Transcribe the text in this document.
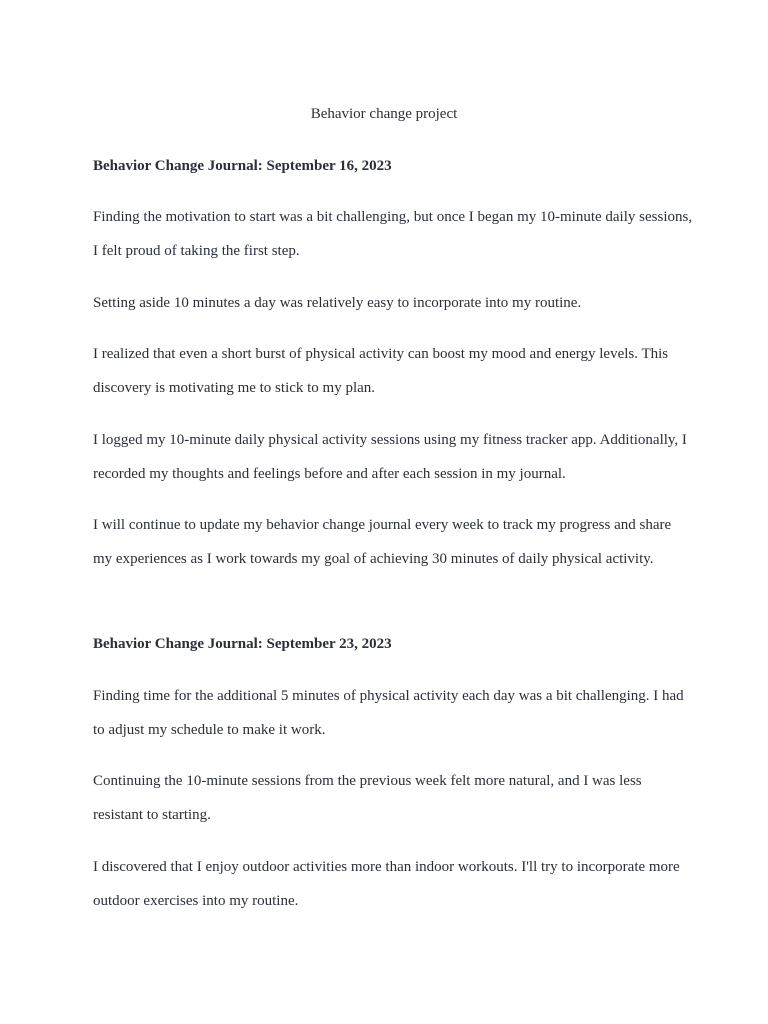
Behavior change project

Behavior Change Journal: September 16, 2023

Finding the motivation to start was a bit challenging, but once I began my 10-minute daily sessions, I felt proud of taking the first step.

Setting aside 10 minutes a day was relatively easy to incorporate into my routine.

I realized that even a short burst of physical activity can boost my mood and energy levels. This discovery is motivating me to stick to my plan.

I logged my 10-minute daily physical activity sessions using my fitness tracker app. Additionally, I recorded my thoughts and feelings before and after each session in my journal.

I will continue to update my behavior change journal every week to track my progress and share my experiences as I work towards my goal of achieving 30 minutes of daily physical activity.

Behavior Change Journal: September 23, 2023

Finding time for the additional 5 minutes of physical activity each day was a bit challenging. I had to adjust my schedule to make it work.

Continuing the 10-minute sessions from the previous week felt more natural, and I was less resistant to starting.

I discovered that I enjoy outdoor activities more than indoor workouts. I'll try to incorporate more outdoor exercises into my routine.
